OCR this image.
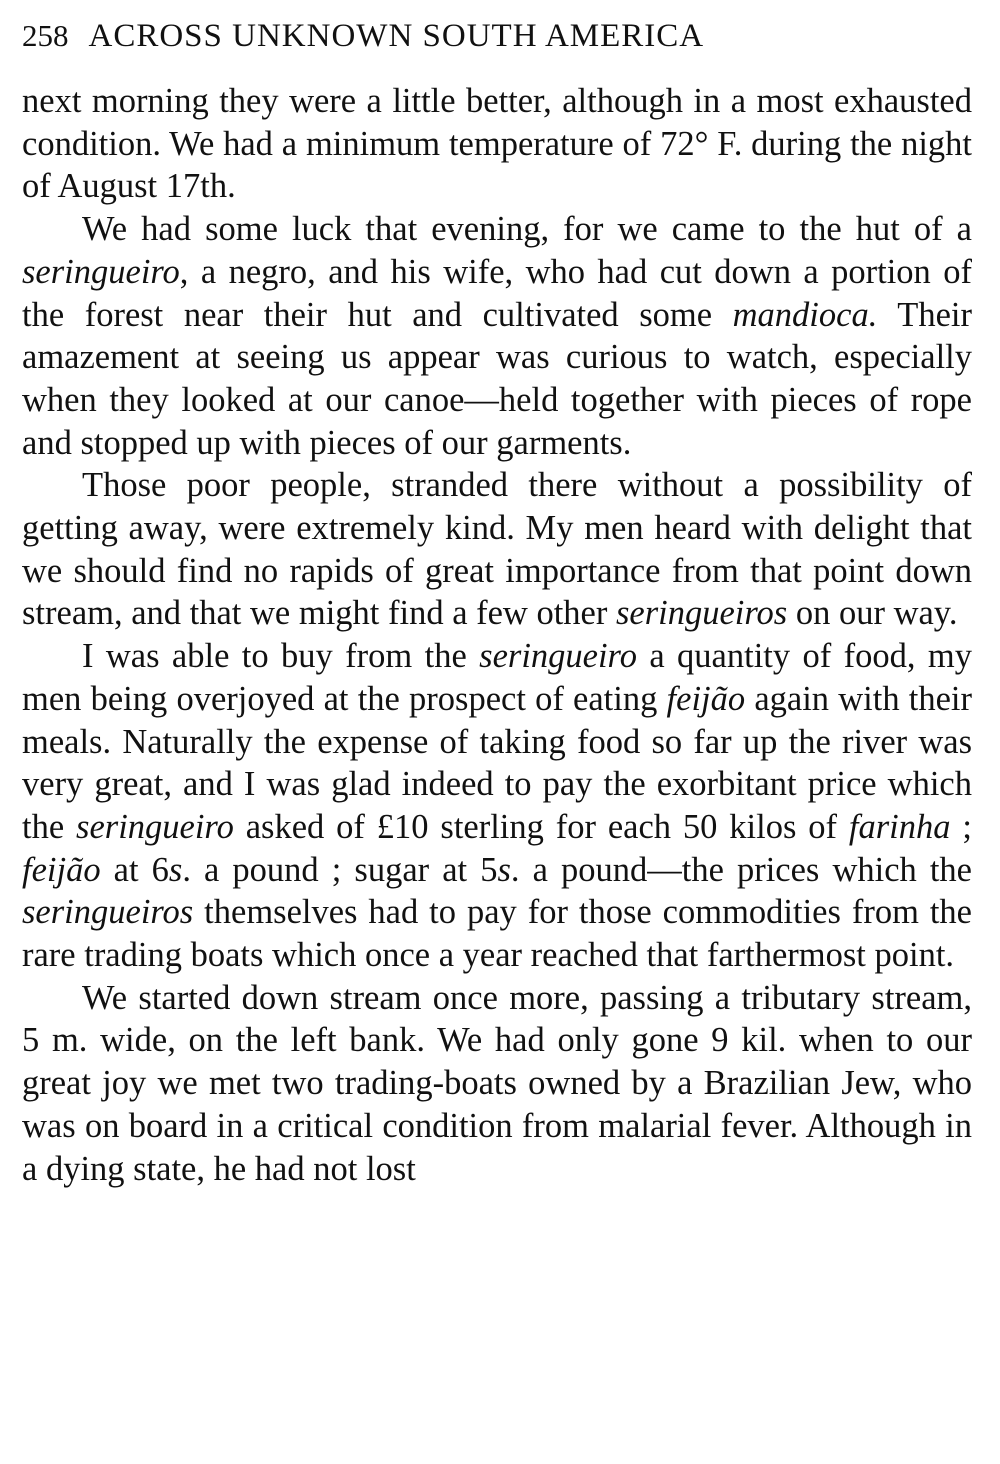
258 ACROSS UNKNOWN SOUTH AMERICA

next morning they were a little better, although in a most exhausted condition. We had a minimum temperature of 72° F. during the night of August 17th.

We had some luck that evening, for we came to the hut of a seringueiro, a negro, and his wife, who had cut down a portion of the forest near their hut and cultivated some mandioca. Their amazement at seeing us appear was curious to watch, especially when they looked at our canoe—held together with pieces of rope and stopped up with pieces of our garments.

Those poor people, stranded there without a possibility of getting away, were extremely kind. My men heard with delight that we should find no rapids of great importance from that point down stream, and that we might find a few other seringueiros on our way.

I was able to buy from the seringueiro a quantity of food, my men being overjoyed at the prospect of eating feijão again with their meals. Naturally the expense of taking food so far up the river was very great, and I was glad indeed to pay the exorbitant price which the seringueiro asked of £10 sterling for each 50 kilos of farinha ; feijão at 6s. a pound ; sugar at 5s. a pound—the prices which the seringueiros themselves had to pay for those commodities from the rare trading boats which once a year reached that farthermost point.

We started down stream once more, passing a tributary stream, 5 m. wide, on the left bank. We had only gone 9 kil. when to our great joy we met two trading-boats owned by a Brazilian Jew, who was on board in a critical condition from malarial fever. Although in a dying state, he had not lost
